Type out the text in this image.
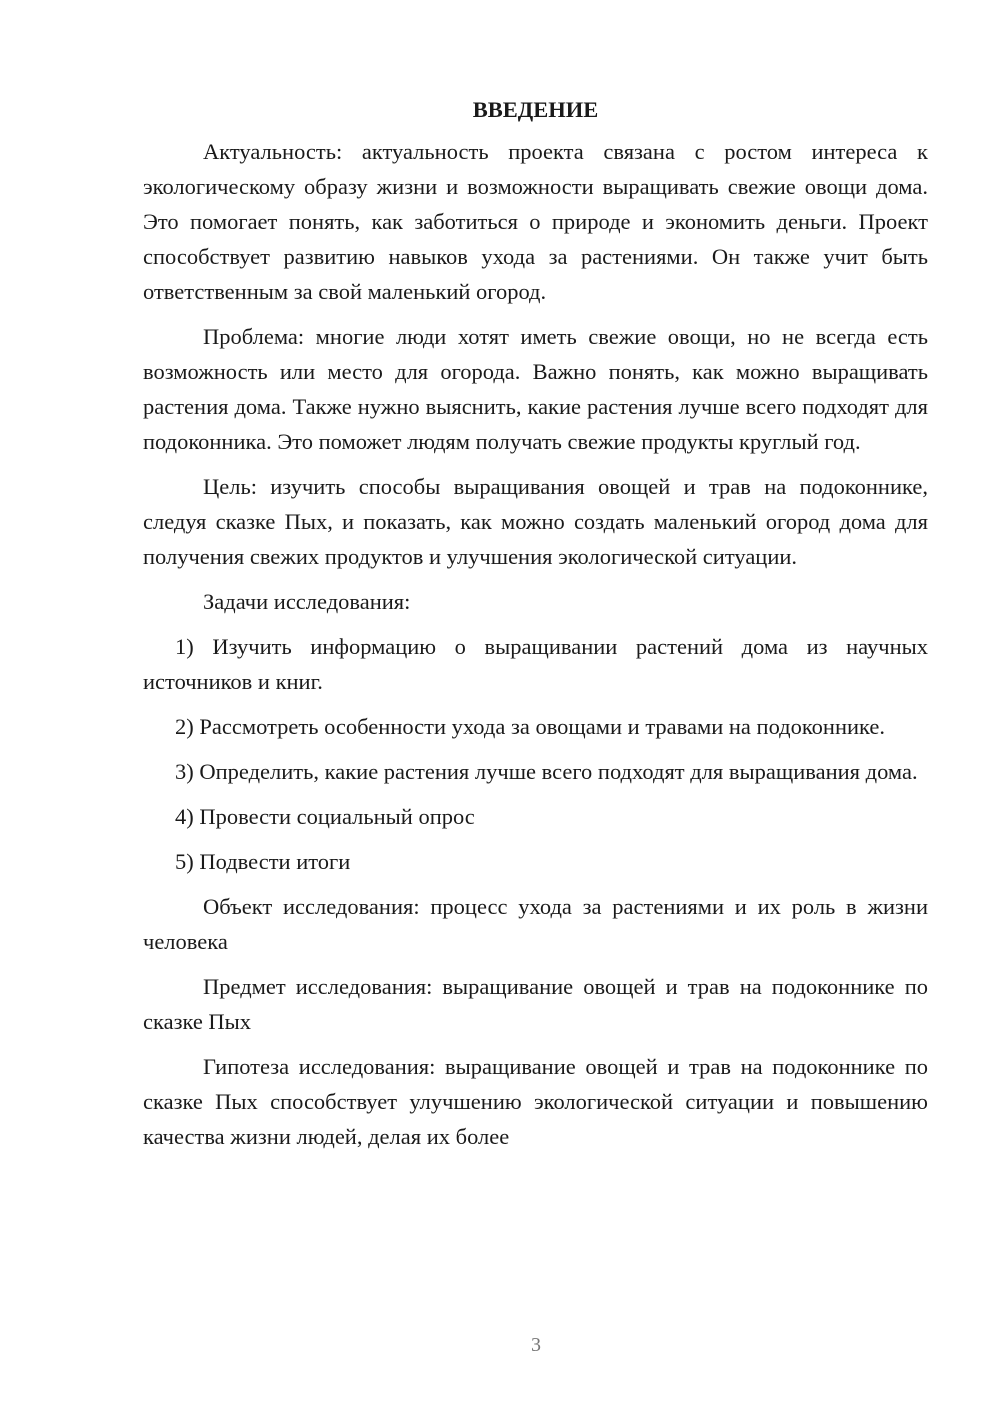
ВВЕДЕНИЕ

Актуальность: актуальность проекта связана с ростом интереса к экологическому образу жизни и возможности выращивать свежие овощи дома. Это помогает понять, как заботиться о природе и экономить деньги. Проект способствует развитию навыков ухода за растениями. Он также учит быть ответственным за свой маленький огород.

Проблема: многие люди хотят иметь свежие овощи, но не всегда есть возможность или место для огорода. Важно понять, как можно выращивать растения дома. Также нужно выяснить, какие растения лучше всего подходят для подоконника. Это поможет людям получать свежие продукты круглый год.

Цель: изучить способы выращивания овощей и трав на подоконнике, следуя сказке Пых, и показать, как можно создать маленький огород дома для получения свежих продуктов и улучшения экологической ситуации.

Задачи исследования:

1) Изучить информацию о выращивании растений дома из научных источников и книг.

2) Рассмотреть особенности ухода за овощами и травами на подоконнике.

3) Определить, какие растения лучше всего подходят для выращивания дома.

4) Провести социальный опрос

5) Подвести итоги

Объект исследования: процесс ухода за растениями и их роль в жизни человека

Предмет исследования: выращивание овощей и трав на подоконнике по сказке Пых

Гипотеза исследования: выращивание овощей и трав на подоконнике по сказке Пых способствует улучшению экологической ситуации и повышению качества жизни людей, делая их более

3
